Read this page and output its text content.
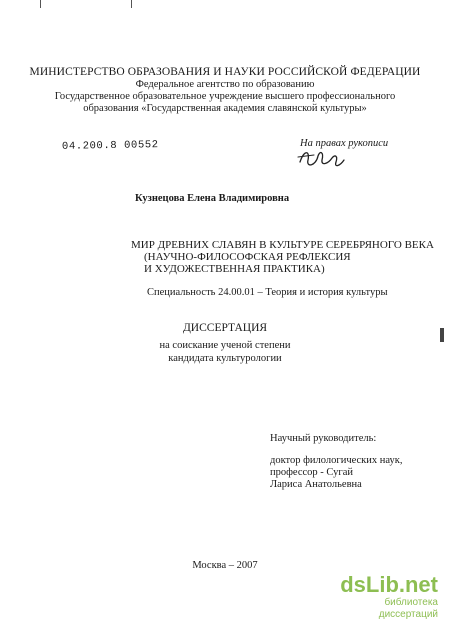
МИНИСТЕРСТВО ОБРАЗОВАНИЯ И НАУКИ РОССИЙСКОЙ ФЕДЕРАЦИИ
Федеральное агентство по образованию
Государственное образовательное учреждение высшего профессионального
образования «Государственная академия славянской культуры»
04.200.8 00552	На правах рукописи
Кузнецова Елена Владимировна
МИР ДРЕВНИХ СЛАВЯН В КУЛЬТУРЕ СЕРЕБРЯНОГО ВЕКА
(НАУЧНО-ФИЛОСОФСКАЯ РЕФЛЕКСИЯ
И ХУДОЖЕСТВЕННАЯ ПРАКТИКА)
Специальность 24.00.01 – Теория и история культуры
ДИССЕРТАЦИЯ
на соискание ученой степени
кандидата культурологии
Научный руководитель:
доктор филологических наук,
профессор - Сугай
Лариса Анатольевна
Москва – 2007
dsLib.net
библиотека диссертаций
